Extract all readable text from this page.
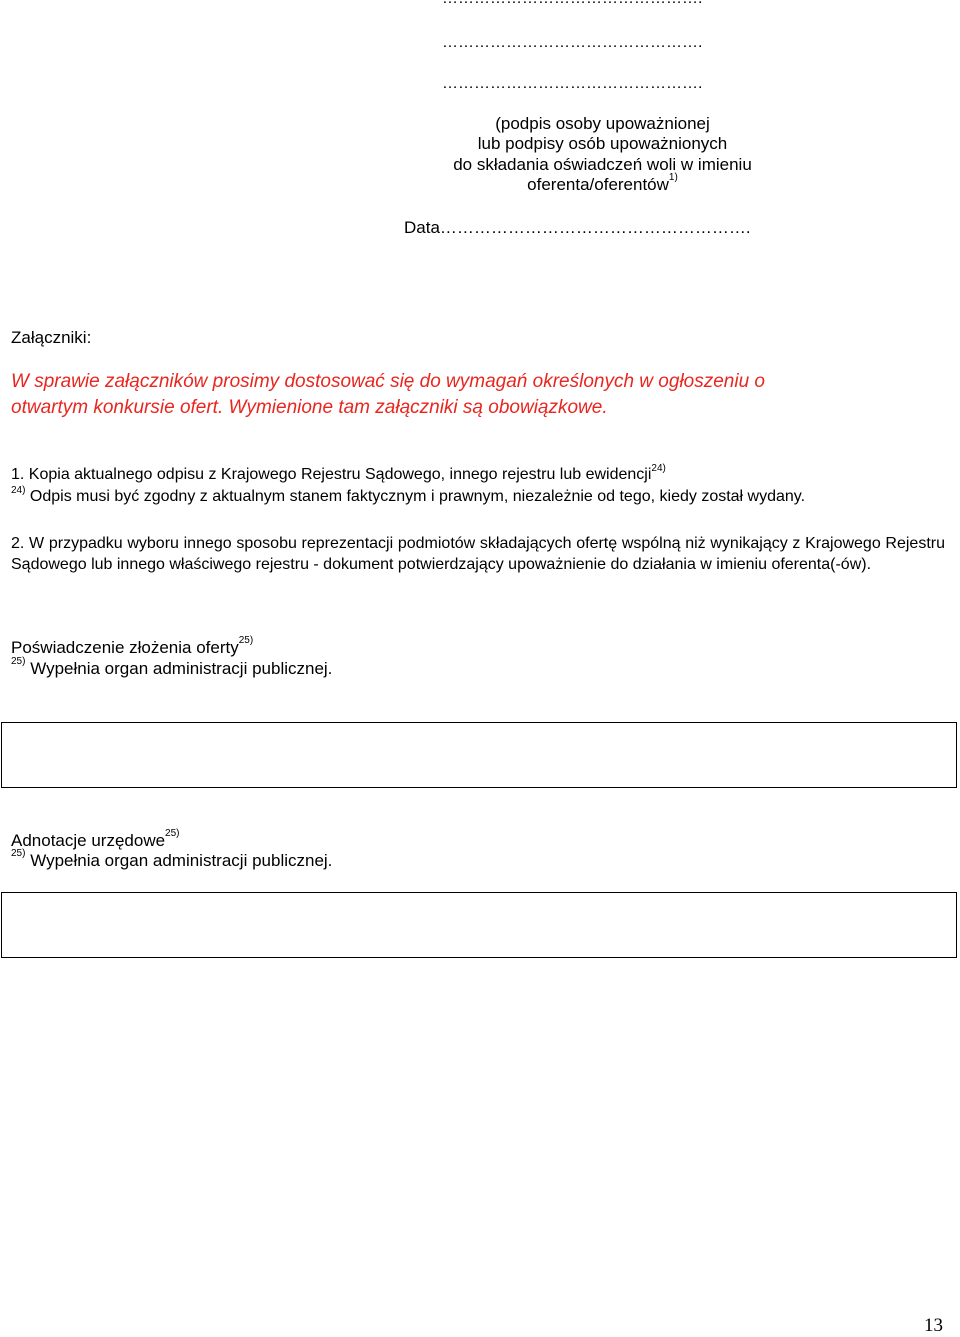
………………………………………….
………………………………………….
(podpis osoby upoważnionej
lub podpisy osób upoważnionych
do składania oświadczeń woli w imieniu
oferenta/oferentów$^{1)}$
Data……………………………………………….
Załączniki:
W sprawie załączników prosimy dostosować się do wymagań określonych w ogłoszeniu o
otwartym konkursie ofert. Wymienione tam załączniki są obowiązkowe.
1. Kopia aktualnego odpisu z Krajowego Rejestru Sądowego, innego rejestru lub ewidencji$^{24)}$
$^{24)}$ Odpis musi być zgodny z aktualnym stanem faktycznym i prawnym, niezależnie od tego, kiedy został wydany.
2. W przypadku wyboru innego sposobu reprezentacji podmiotów składających ofertę wspólną niż wynikający z Krajowego Rejestru Sądowego lub innego właściwego rejestru - dokument potwierdzający upoważnienie do działania w imieniu oferenta(-ów).
Poświadczenie złożenia oferty$^{25)}$
$^{25)}$ Wypełnia organ administracji publicznej.
Adnotacje urzędowe$^{25)}$
$^{25)}$ Wypełnia organ administracji publicznej.
13
